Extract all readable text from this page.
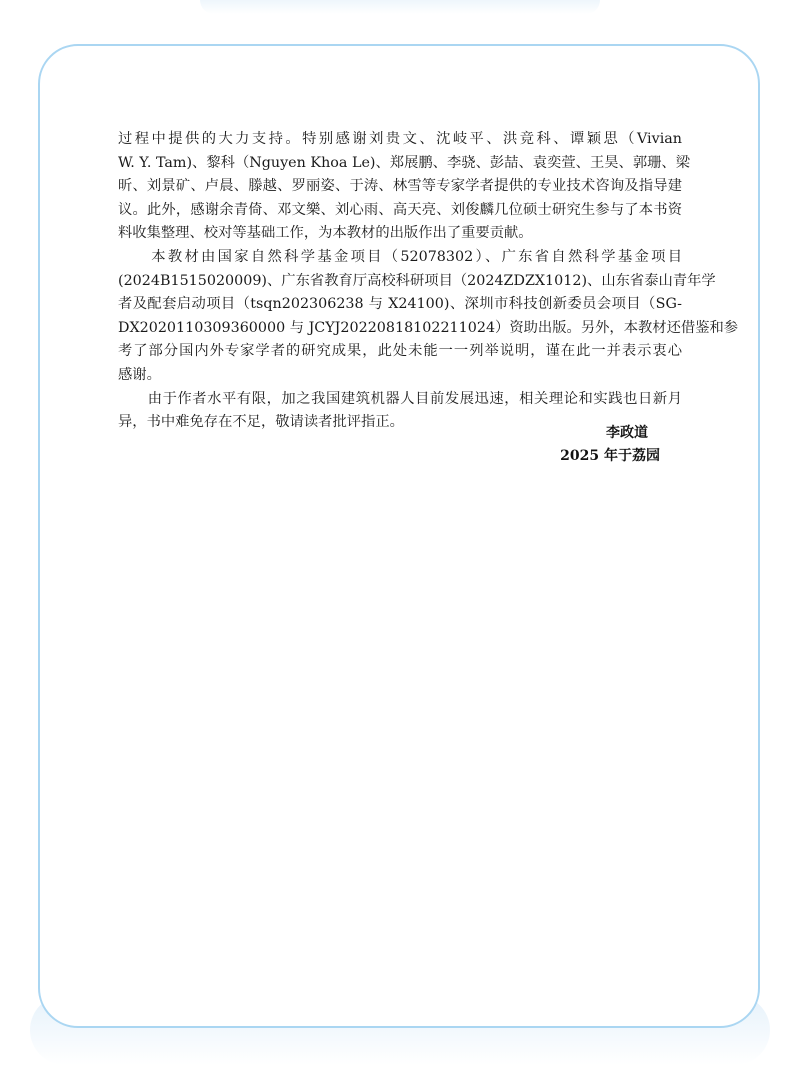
过程中提供的大力支持。特别感谢刘贵文、沈岐平、洪竞科、谭颖思（Vivian
W. Y. Tam)、黎科（Nguyen Khoa Le)、郑展鹏、李骁、彭喆、袁奕萱、王昊、郭珊、梁
昕、刘景矿、卢晨、滕越、罗丽姿、于涛、林雪等专家学者提供的专业技术咨询及指导建
议。此外，感谢余青倚、邓文樂、刘心雨、高天亮、刘俊麟几位硕士研究生参与了本书资
料收集整理、校对等基础工作，为本教材的出版作出了重要贡献。
　　本教材由国家自然科学基金项目（52078302）、广东省自然科学基金项目
(2024B1515020009)、广东省教育厅高校科研项目（2024ZDZX1012)、山东省泰山青年学
者及配套启动项目（tsqn202306238 与 X24100)、深圳市科技创新委员会项目（SG-
DX20201103093600​00 与 JCYJ20220818102211024）资助出版。另外，本教材还借鉴和参
考了部分国内外专家学者的研究成果，此处未能一一列举说明，谨在此一并表示衷心
感谢。
　　由于作者水平有限，加之我国建筑机器人目前发展迅速，相关理论和实践也日新月
异，书中难免存在不足，敬请读者批评指正。
李政道
2025 年于荔园
